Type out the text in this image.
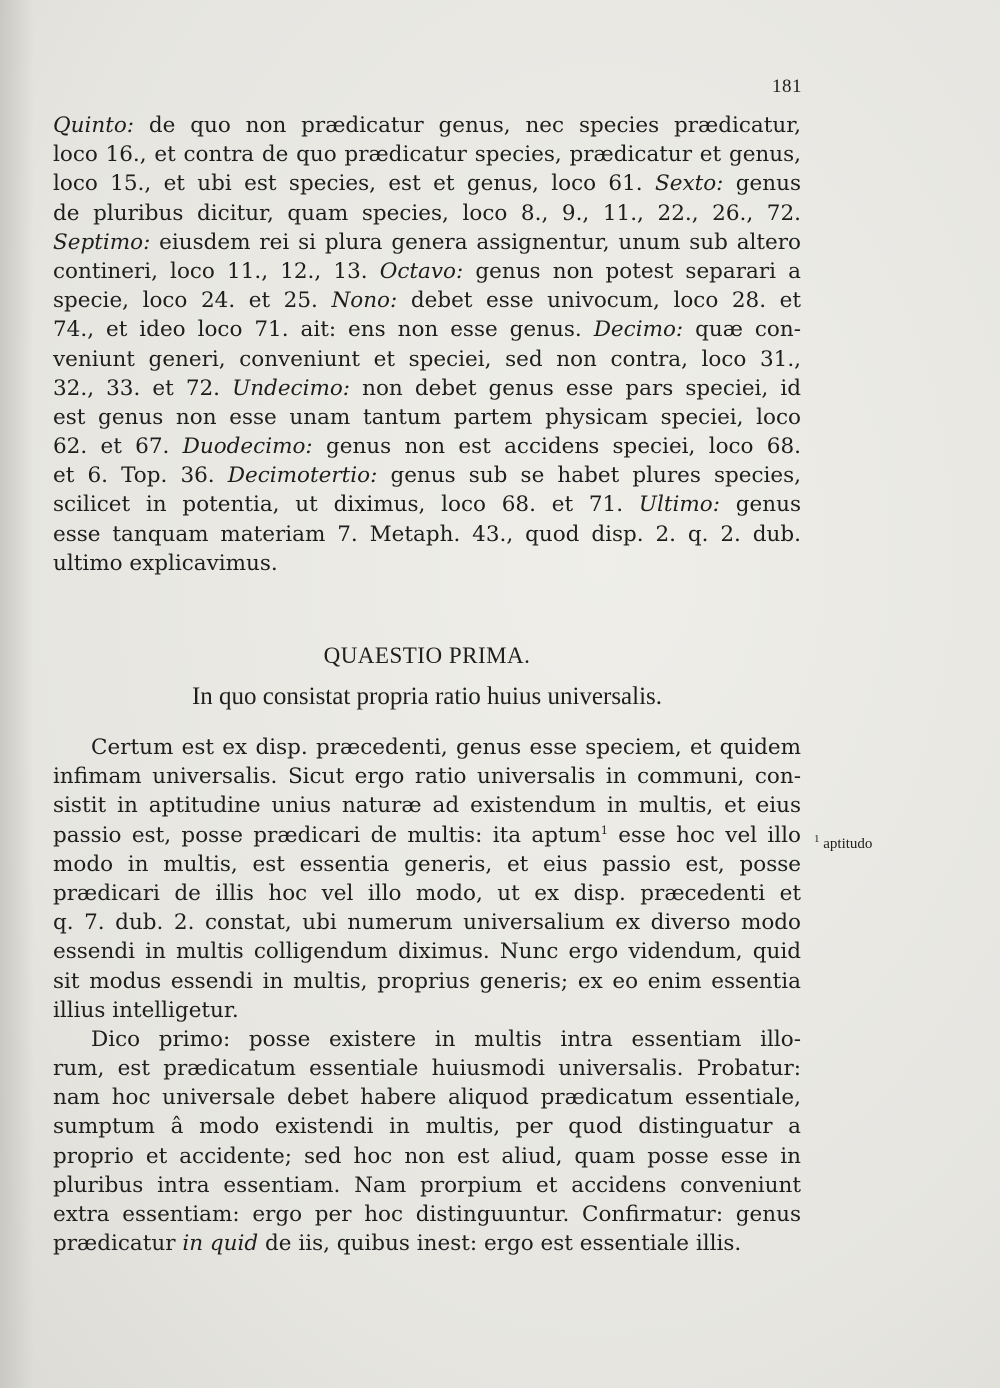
181
Quinto: de quo non prædicatur genus, nec species prædicatur,
loco 16., et contra de quo prædicatur species, prædicatur et genus,
loco 15., et ubi est species, est et genus, loco 61. Sexto: genus
de pluribus dicitur, quam species, loco 8., 9., 11., 22., 26., 72.
Septimo: eiusdem rei si plura genera assignentur, unum sub altero
contineri, loco 11., 12., 13. Octavo: genus non potest separari a
specie, loco 24. et 25. Nono: debet esse univocum, loco 28. et
74., et ideo loco 71. ait: ens non esse genus. Decimo: quæ con-
veniunt generi, conveniunt et speciei, sed non contra, loco 31.,
32., 33. et 72. Undecimo: non debet genus esse pars speciei, id
est genus non esse unam tantum partem physicam speciei, loco
62. et 67. Duodecimo: genus non est accidens speciei, loco 68.
et 6. Top. 36. Decimotertio: genus sub se habet plures species,
scilicet in potentia, ut diximus, loco 68. et 71. Ultimo: genus
esse tanquam materiam 7. Metaph. 43., quod disp. 2. q. 2. dub.
ultimo explicavimus.
QUAESTIO PRIMA.
In quo consistat propria ratio huius universalis.
Certum est ex disp. præcedenti, genus esse speciem, et quidem
infimam universalis. Sicut ergo ratio universalis in communi, con-
sistit in aptitudine unius naturæ ad existendum in multis, et eius
passio est, posse prædicari de multis: ita aptum$^1$ esse hoc vel illo
modo in multis, est essentia generis, et eius passio est, posse
prædicari de illis hoc vel illo modo, ut ex disp. præcedenti et
q. 7. dub. 2. constat, ubi numerum universalium ex diverso modo
essendi in multis colligendum diximus. Nunc ergo videndum, quid
sit modus essendi in multis, proprius generis; ex eo enim essentia
illius intelligetur.
Dico primo: posse existere in multis intra essentiam illo-
rum, est prædicatum essentiale huiusmodi universalis. Probatur:
nam hoc universale debet habere aliquod prædicatum essentiale,
sumptum â modo existendi in multis, per quod distinguatur a
proprio et accidente; sed hoc non est aliud, quam posse esse in
pluribus intra essentiam. Nam prorpium et accidens conveniunt
extra essentiam: ergo per hoc distinguuntur. Confirmatur: genus
prædicatur in quid de iis, quibus inest: ergo est essentiale illis.
$^1$ aptitudo
